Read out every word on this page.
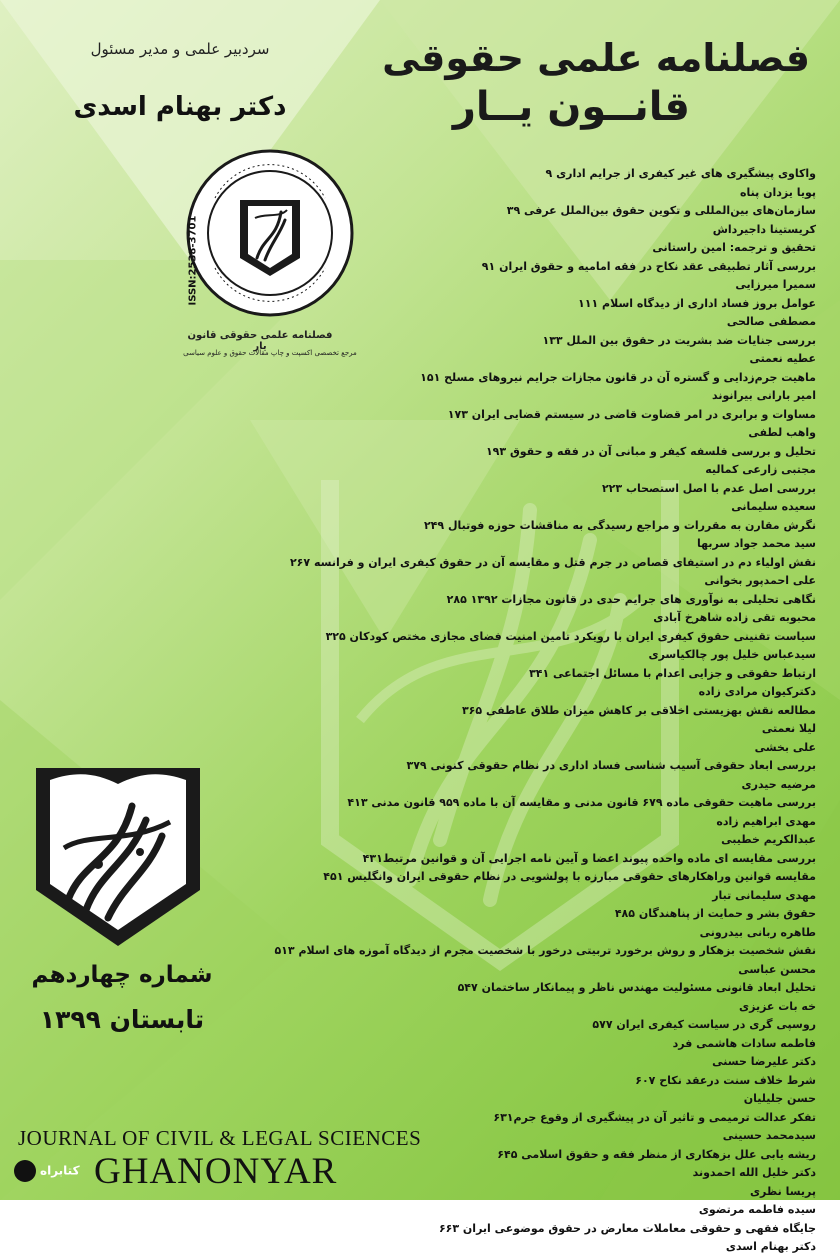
فصلنامه علمی حقوقی
قانــون یــار
سردبیر علمی و مدیر مسئول
دکتر بهنام اسدی
ISSN:2538-3701
فصلنامه علمی حقوقی قانون یار
مرجع تخصصی اکسپت و چاپ مقالات حقوق و علوم سیاسی
واکاوی پیشگیری های غیر کیفری از جرایم اداری ۹
پویا یزدان پناه
سازمان‌های بین‌المللی و تکوین حقوق بین‌الملل عرفی ۳۹
کریستینا داجیرداش
تحقیق و ترجمه: امین راستانی
بررسی آثار تطبیقی عقد نکاح در فقه امامیه و حقوق ایران ۹۱
سمیرا میرزایی
عوامل بروز فساد اداری از دیدگاه اسلام ۱۱۱
مصطفی صالحی
بررسی جنایات ضد بشریت در حقوق بین الملل ۱۳۳
عطیه نعمتی
ماهیت جرم‌زدایی و گستره آن در قانون مجازات جرایم نیروهای مسلح ۱۵۱
امیر بارانی بیرانوند
مساوات و برابری در امر قضاوت قاضی در سیستم قضایی ایران ۱۷۳
واهب لطفی
تحلیل و بررسی فلسفه کیفر و مبانی آن در فقه و حقوق ۱۹۳
مجتبی زارعی کمالیه
بررسی اصل عدم با اصل استصحاب ۲۲۳
سعیده سلیمانی
نگرش مقارن به مقررات و مراجع رسیدگی به مناقشات حوزه فوتبال ۲۴۹
سید محمد جواد سربها
نقش اولیاء دم در استیفای قصاص در جرم قتل و مقایسه آن در حقوق کیفری ایران و فرانسه ۲۶۷
علی احمدپور بخوانی
نگاهی تحلیلی به نوآوری های جرایم حدی در قانون مجازات ۱۳۹۲ ۲۸۵
محبوبه تقی زاده شاهرخ آبادی
سیاست تقنینی حقوق کیفری ایران با رویکرد تامین امنیت فضای مجازی مختص کودکان ۳۲۵
سیدعباس خلیل پور چالکیاسری
ارتباط حقوقی و جزایی اعدام با مسائل اجتماعی ۳۴۱
دکترکیوان مرادی زاده
مطالعه نقش بهزیستی اخلاقی بر کاهش میزان طلاق عاطفی ۳۶۵
لیلا نعمتی
علی بخشی
بررسی ابعاد حقوقی آسیب شناسی فساد اداری در نظام حقوقی کنونی ۳۷۹
مرضیه حیدری
بررسی ماهیت حقوقی ماده ۶۷۹ قانون مدنی و مقایسه آن با ماده ۹۵۹ قانون مدنی ۴۱۳
مهدی ابراهیم زاده
عبدالکریم خطیبی
بررسی مقایسه ای ماده واحده پیوند اعضا و آیین نامه اجرایی آن و قوانین مرتبط۴۳۱
مقایسه قوانین وراهکارهای حقوقی مبارزه با پولشویی در نظام حقوقی ایران وانگلیس ۴۵۱
مهدی سلیمانی تبار
حقوق بشر و حمایت از پناهندگان ۴۸۵
طاهره ربانی بیدرونی
نقش شخصیت بزهکار و روش برخورد تربیتی درخور با شخصیت مجرم از دیدگاه آموزه های اسلام ۵۱۳
محسن عباسی
تحلیل ابعاد قانونی مسئولیت مهندس ناظر و پیمانکار ساختمان ۵۴۷
خه بات عزیزی
روسپی گری در سیاست کیفری ایران ۵۷۷
فاطمه سادات هاشمی فرد
دکتر علیرضا حسنی
شرط خلاف سنت درعقد نکاح ۶۰۷
حسن جلیلیان
تفکر عدالت ترمیمی و تاثیر آن در پیشگیری از وقوع جرم۶۳۱
سیدمحمد حسینی
ریشه یابی علل بزهکاری از منظر فقه و حقوق اسلامی ۶۴۵
دکتر خلیل الله احمدوند
پریسا نظری
سیده فاطمه مرتضوی
جایگاه فقهی و حقوقی معاملات معارض در حقوق موضوعی ایران ۶۶۳
دکتر بهنام اسدی
شماره چهاردهم
تابستان ۱۳۹۹
JOURNAL OF CIVIL & LEGAL SCIENCES
GHANONYAR
کتابراه
